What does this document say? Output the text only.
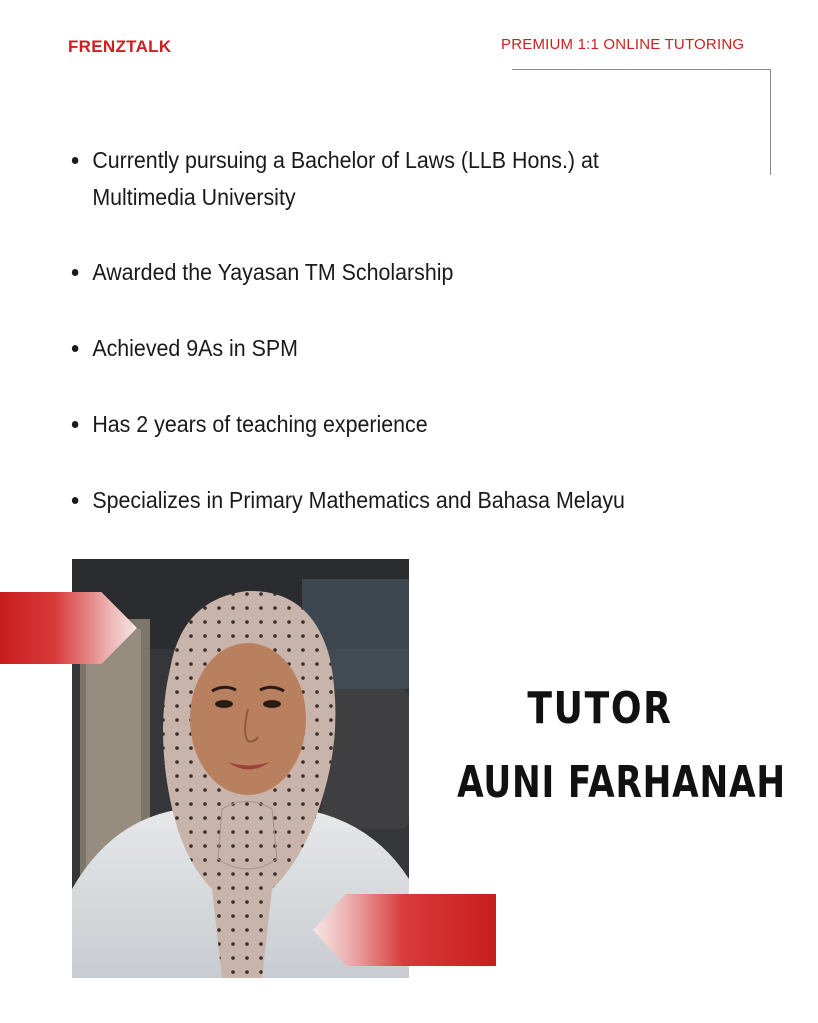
FRENZTALK	PREMIUM 1:1 ONLINE TUTORING
Currently pursuing a Bachelor of Laws (LLB Hons.) at
Multimedia University
Awarded the Yayasan TM Scholarship
Achieved 9As in SPM
Has 2 years of teaching experience
Specializes in Primary Mathematics and Bahasa Melayu
TUTOR
AUNI FARHANAH
